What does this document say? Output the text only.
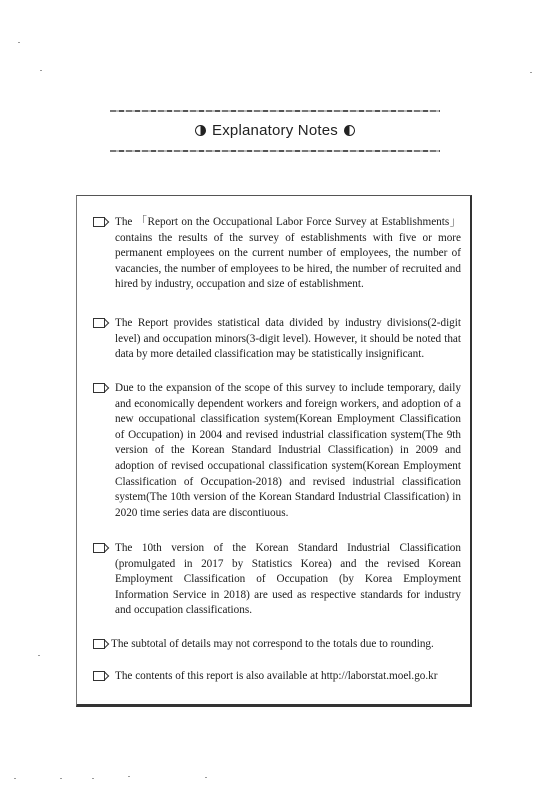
Explanatory Notes
The 「Report on the Occupational Labor Force Survey at Establishments」 contains the results of the survey of establishments with five or more permanent employees on the current number of employees, the number of vacancies, the number of employees to be hired, the number of recruited and hired by industry, occupation and size of establishment.
The Report provides statistical data divided by industry divisions(2-digit level) and occupation minors(3-digit level). However, it should be noted that data by more detailed classification may be statistically insignificant.
Due to the expansion of the scope of this survey to include temporary, daily and economically dependent workers and foreign workers, and adoption of a new occupational classification system(Korean Employment Classification of Occupation) in 2004 and revised industrial classification system(The 9th version of the Korean Standard Industrial Classification) in 2009 and adoption of revised occupational classification system(Korean Employment Classification of Occupation-2018) and revised industrial classification system(The 10th version of the Korean Standard Industrial Classification) in 2020 time series data are discontiuous.
The 10th version of the Korean Standard Industrial Classification (promulgated in 2017 by Statistics Korea) and the revised Korean Employment Classification of Occupation (by Korea Employment Information Service in 2018) are used as respective standards for industry and occupation classifications.
The subtotal of details may not correspond to the totals due to rounding.
The contents of this report is also available at http://laborstat.moel.go.kr
